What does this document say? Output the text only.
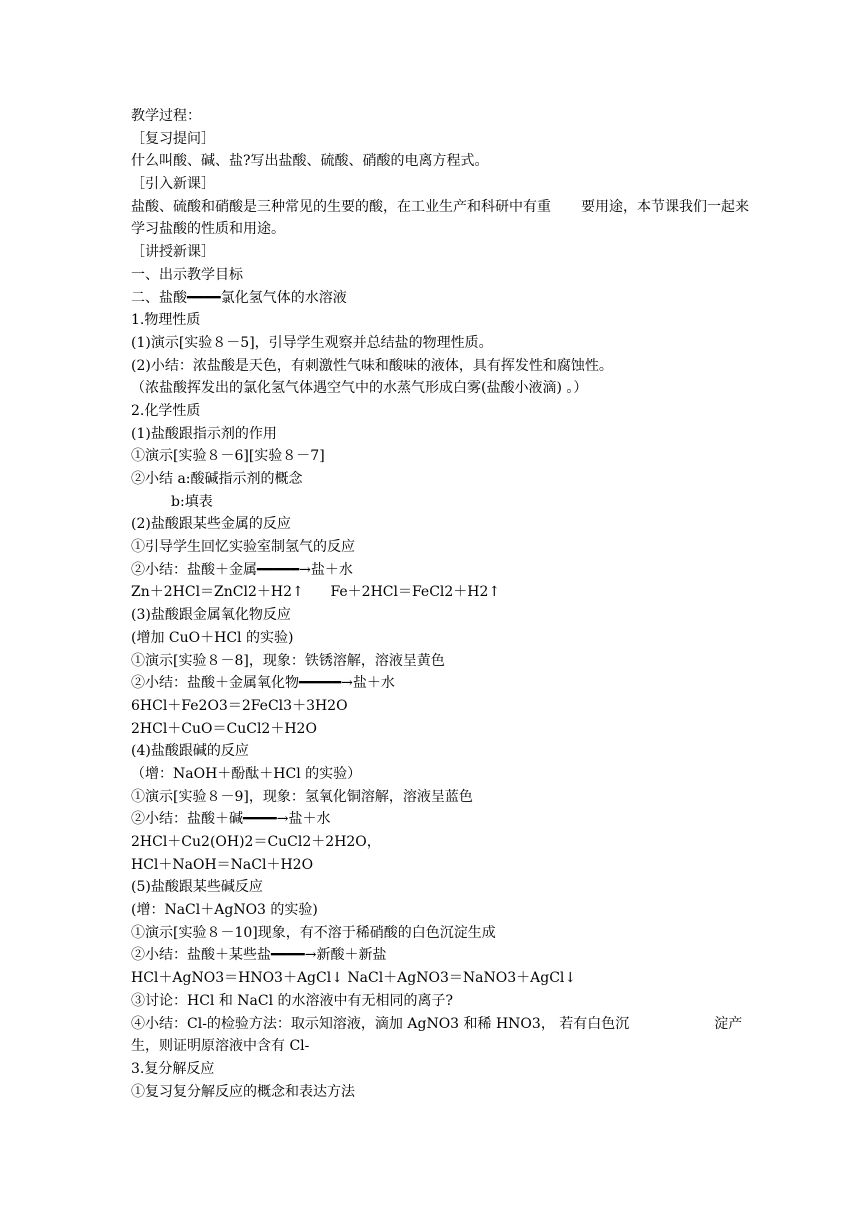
教学过程：
［复习提问］
什么叫酸、碱、盐?写出盐酸、硫酸、硝酸的电离方程式。
［引入新课］
盐酸、硫酸和硝酸是三种常见的生要的酸，在工业生产和科研中有重 要用途，本节课我们一起来学习盐酸的性质和用途。
［讲授新课］
一、出示教学目标
二、盐酸━━━━氯化氢气体的水溶液
1.物理性质
(1)演示[实验８－5]，引导学生观察并总结盐的物理性质。
(2)小结：浓盐酸是天色，有刺激性气味和酸味的液体，具有挥发性和腐蚀性。
（浓盐酸挥发出的氯化氢气体遇空气中的水蒸气形成白雾(盐酸小液滴) 。）
2.化学性质
(1)盐酸跟指示剂的作用
①演示[实验８－6][实验８－7]
②小结 a:酸碱指示剂的概念
b:填表
(2)盐酸跟某些金属的反应
①引导学生回忆实验室制氢气的反应
②小结：盐酸＋金属━━━━━→盐＋水
Zn＋2HCl＝ZnCl2＋H2↑      Fe＋2HCl＝FeCl2＋H2↑
(3)盐酸跟金属氧化物反应
(增加 CuO＋HCl 的实验)
①演示[实验８－8]，现象：铁锈溶解，溶液呈黄色
②小结：盐酸＋金属氧化物━━━━━→盐＋水
6HCl＋Fe2O3＝2FeCl3＋3H2O
2HCl＋CuO＝CuCl2＋H2O
(4)盐酸跟碱的反应
（增：NaOH＋酚酞＋HCl 的实验）
①演示[实验８－9]，现象：氢氧化铜溶解，溶液呈蓝色
②小结：盐酸＋碱━━━━→盐＋水
2HCl＋Cu2(OH)2＝CuCl2＋2H2O，
HCl＋NaOH＝NaCl＋H2O
(5)盐酸跟某些碱反应
(增：NaCl＋AgNO3 的实验)
①演示[实验８－10]现象，有不溶于稀硝酸的白色沉淀生成
②小结：盐酸＋某些盐━━━━→新酸＋新盐
HCl＋AgNO3＝HNO3＋AgCl↓ NaCl＋AgNO3＝NaNO3＋AgCl↓
③讨论：HCl 和 NaCl 的水溶液中有无相同的离子?
④小结：Cl-的检验方法：取示知溶液，滴加 AgNO3 和稀 HNO3， 若有白色沉	淀产生，则证明原溶液中含有 Cl-
3.复分解反应
①复习复分解反应的概念和表达方法
